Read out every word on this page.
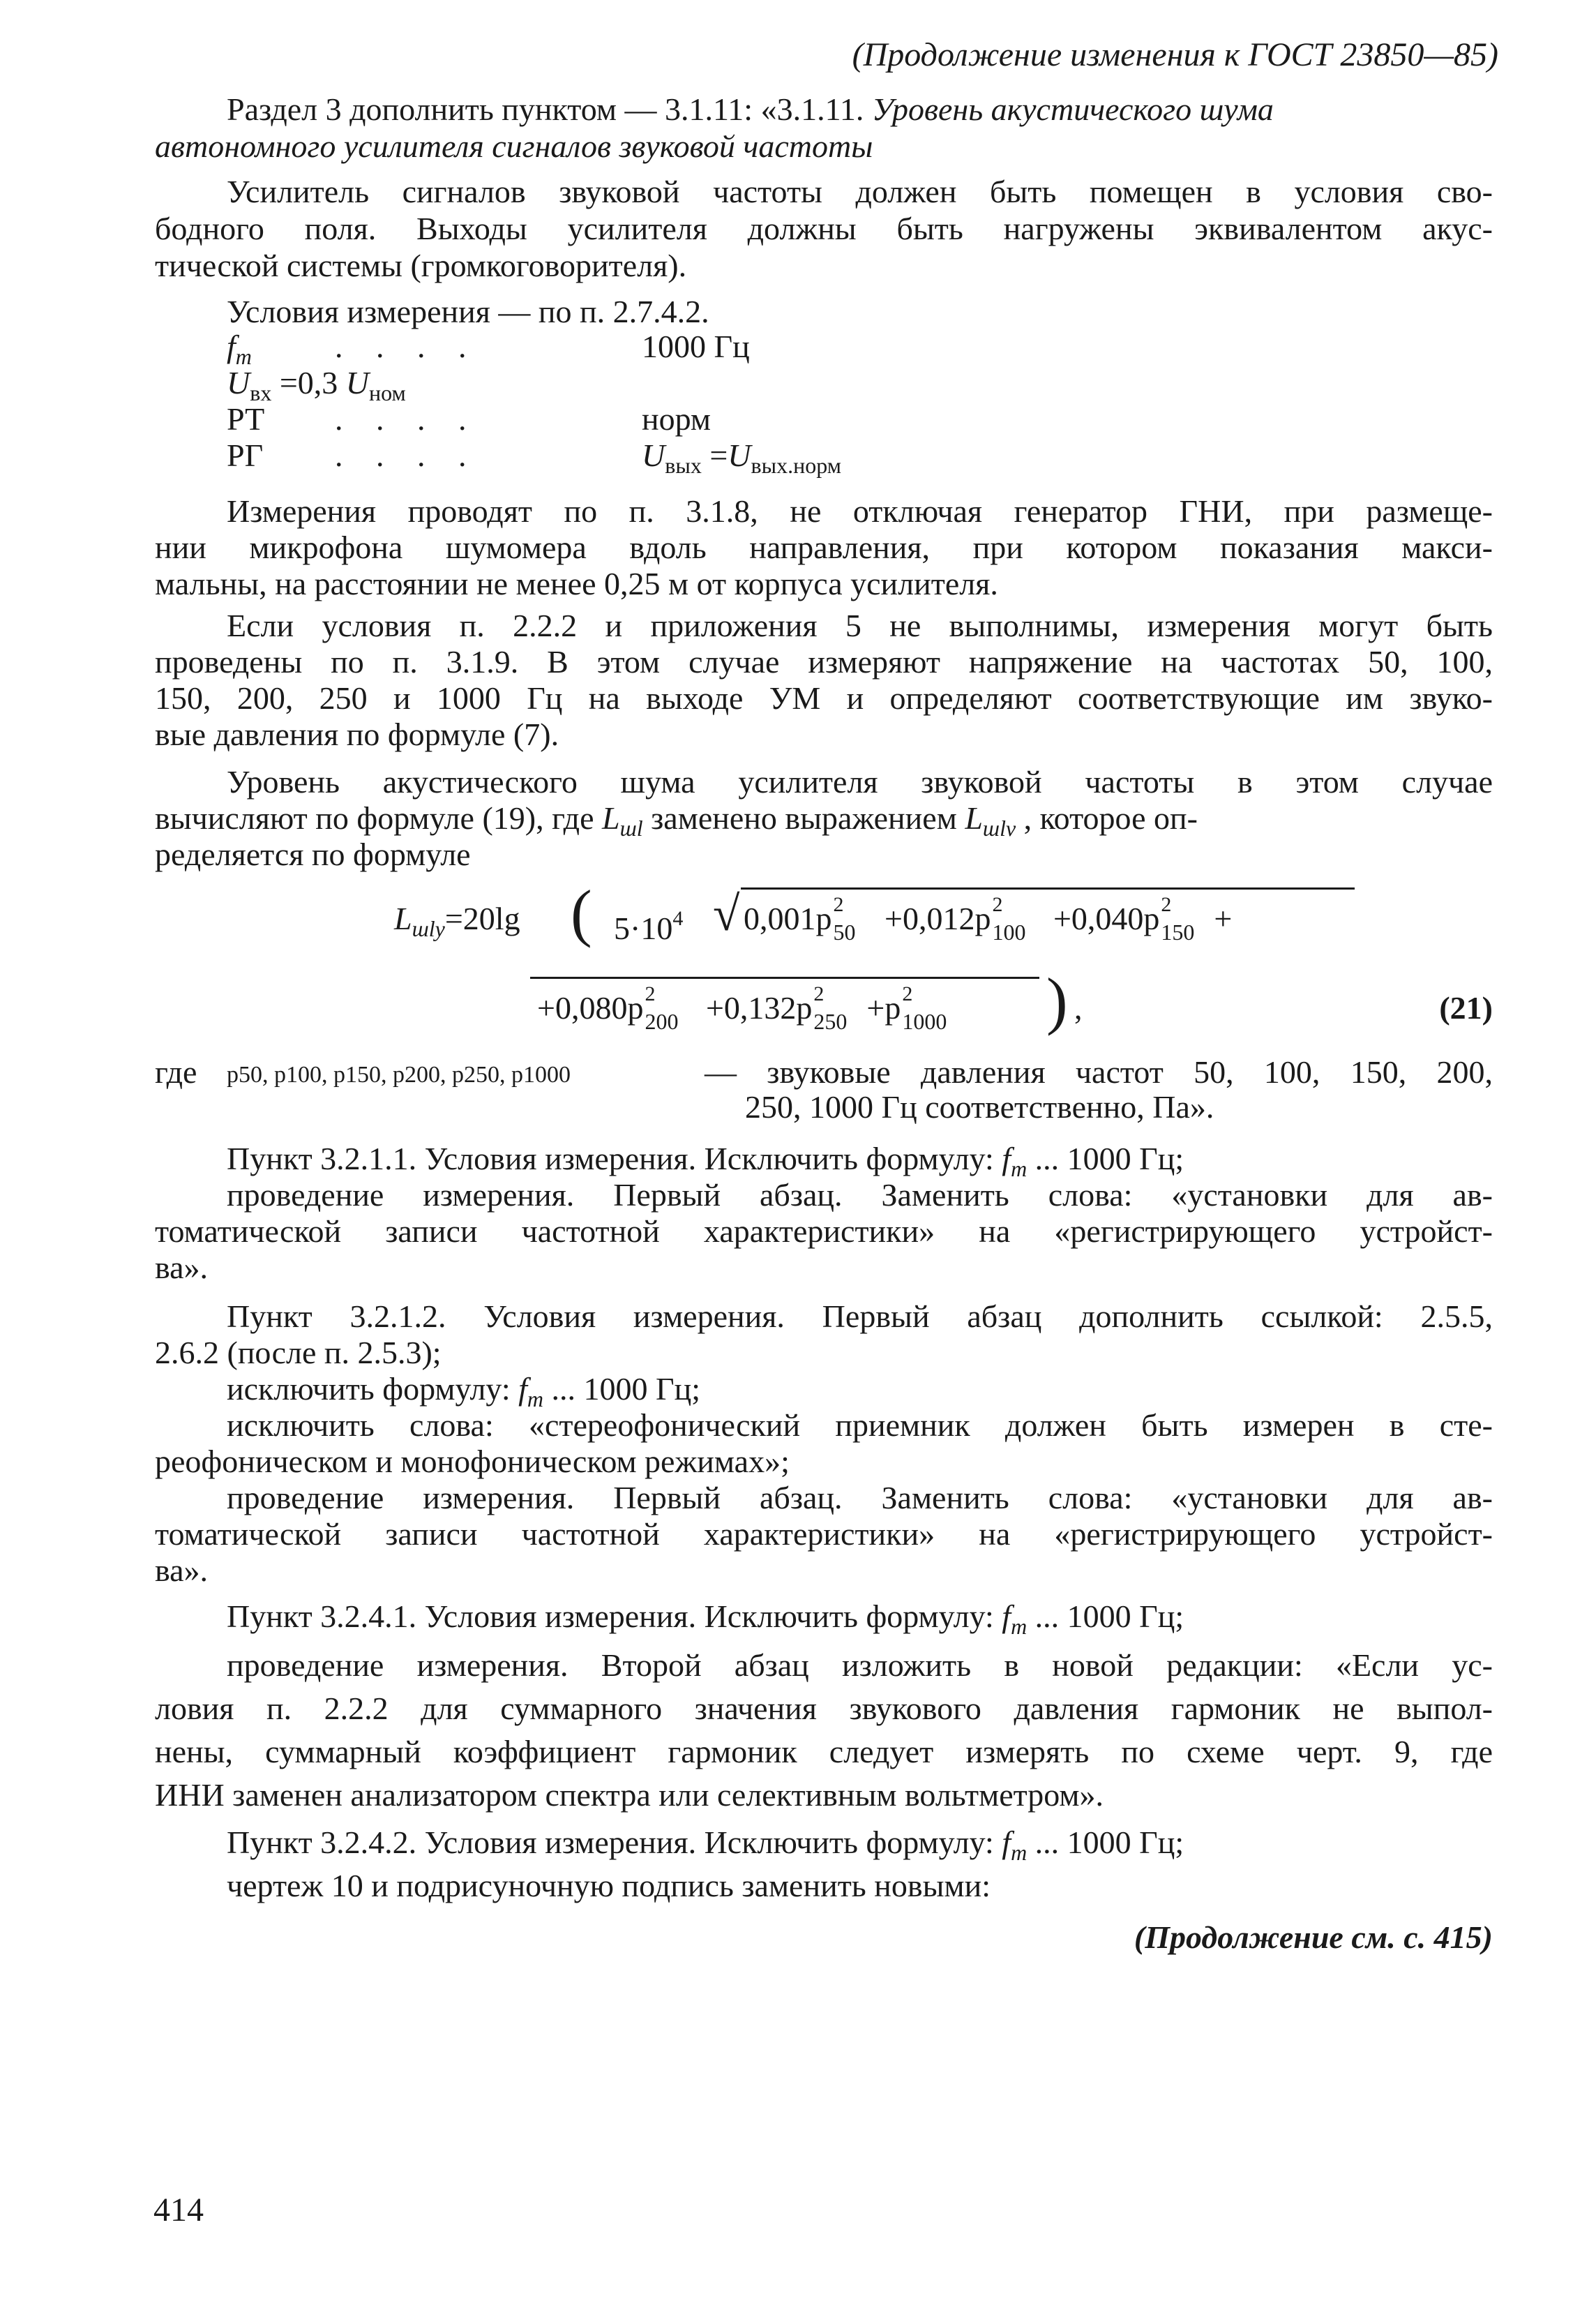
(Продолжение изменения к ГОСТ 23850—85)
Раздел 3 дополнить пунктом — 3.1.11: «3.1.11. Уровень акустического шума
автономного усилителя сигналов звуковой частоты
Усилитель сигналов звуковой частоты должен быть помещен в условия сво-
бодного поля. Выходы усилителя должны быть нагружены эквивалентом акус-
тической системы (громкоговорителя).
Условия измерения — по п. 2.7.4.2.
$f_m$	. . . .	1000 Гц
$U_{вх} =0,3$ $U_{ном}$
РТ . . . .	норм
РГ . . . .	$U_{вых} =U_{вых.норм}$
Измерения проводят по п. 3.1.8, не отключая генератор ГНИ, при размеще-
нии микрофона шумомера вдоль направления, при котором показания макси-
мальны, на расстоянии не менее 0,25 м от корпуса усилителя.
Если условия п. 2.2.2 и приложения 5 не выполнимы, измерения могут быть
проведены по п. 3.1.9. В этом случае измеряют напряжение на частотах 50, 100,
150, 200, 250 и 1000 Гц на выходе УМ и определяют соответствующие им звуко-
вые давления по формуле (7).
Уровень акустического шума усилителя звуковой частоты в этом случае
вычисляют по формуле (19), где $L_{шl}$ заменено выражением $L_{шlv}$ , которое оп-
ределяется по формуле
$L_{шlу}=20\lg$ ( $5\cdot 10^4$ √ 0,001p 2
50 +0,012p 2
100 +0,040p 2
150 +
+0,080p 2
200 +0,132p 2
250 +p 2
1000 ) ,	(21)
где p50, p100, p150, p200, p250, p1000	— звуковые давления частот 50, 100, 150, 200,
250, 1000 Гц соответственно, Па».
Пункт 3.2.1.1. Условия измерения. Исключить формулу: $f_m$ ... 1000 Гц;
проведение измерения. Первый абзац. Заменить слова: «установки для ав-
томатической записи частотной характеристики» на «регистрирующего устройст-
ва».
Пункт 3.2.1.2. Условия измерения. Первый абзац дополнить ссылкой: 2.5.5,
2.6.2 (после п. 2.5.3);
исключить формулу: $f_m$ ... 1000 Гц;
исключить слова: «стереофонический приемник должен быть измерен в сте-
реофоническом и монофоническом режимах»;
проведение измерения. Первый абзац. Заменить слова: «установки для ав-
томатической записи частотной характеристики» на «регистрирующего устройст-
ва».
Пункт 3.2.4.1. Условия измерения. Исключить формулу: $f_m$ ... 1000 Гц;
проведение измерения. Второй абзац изложить в новой редакции: «Если ус-
ловия п. 2.2.2 для суммарного значения звукового давления гармоник не выпол-
нены, суммарный коэффициент гармоник следует измерять по схеме черт. 9, где
ИНИ заменен анализатором спектра или селективным вольтметром».
Пункт 3.2.4.2. Условия измерения. Исключить формулу: $f_m$ ... 1000 Гц;
чертеж 10 и подрисуночную подпись заменить новыми:
(Продолжение см. с. 415)
414
